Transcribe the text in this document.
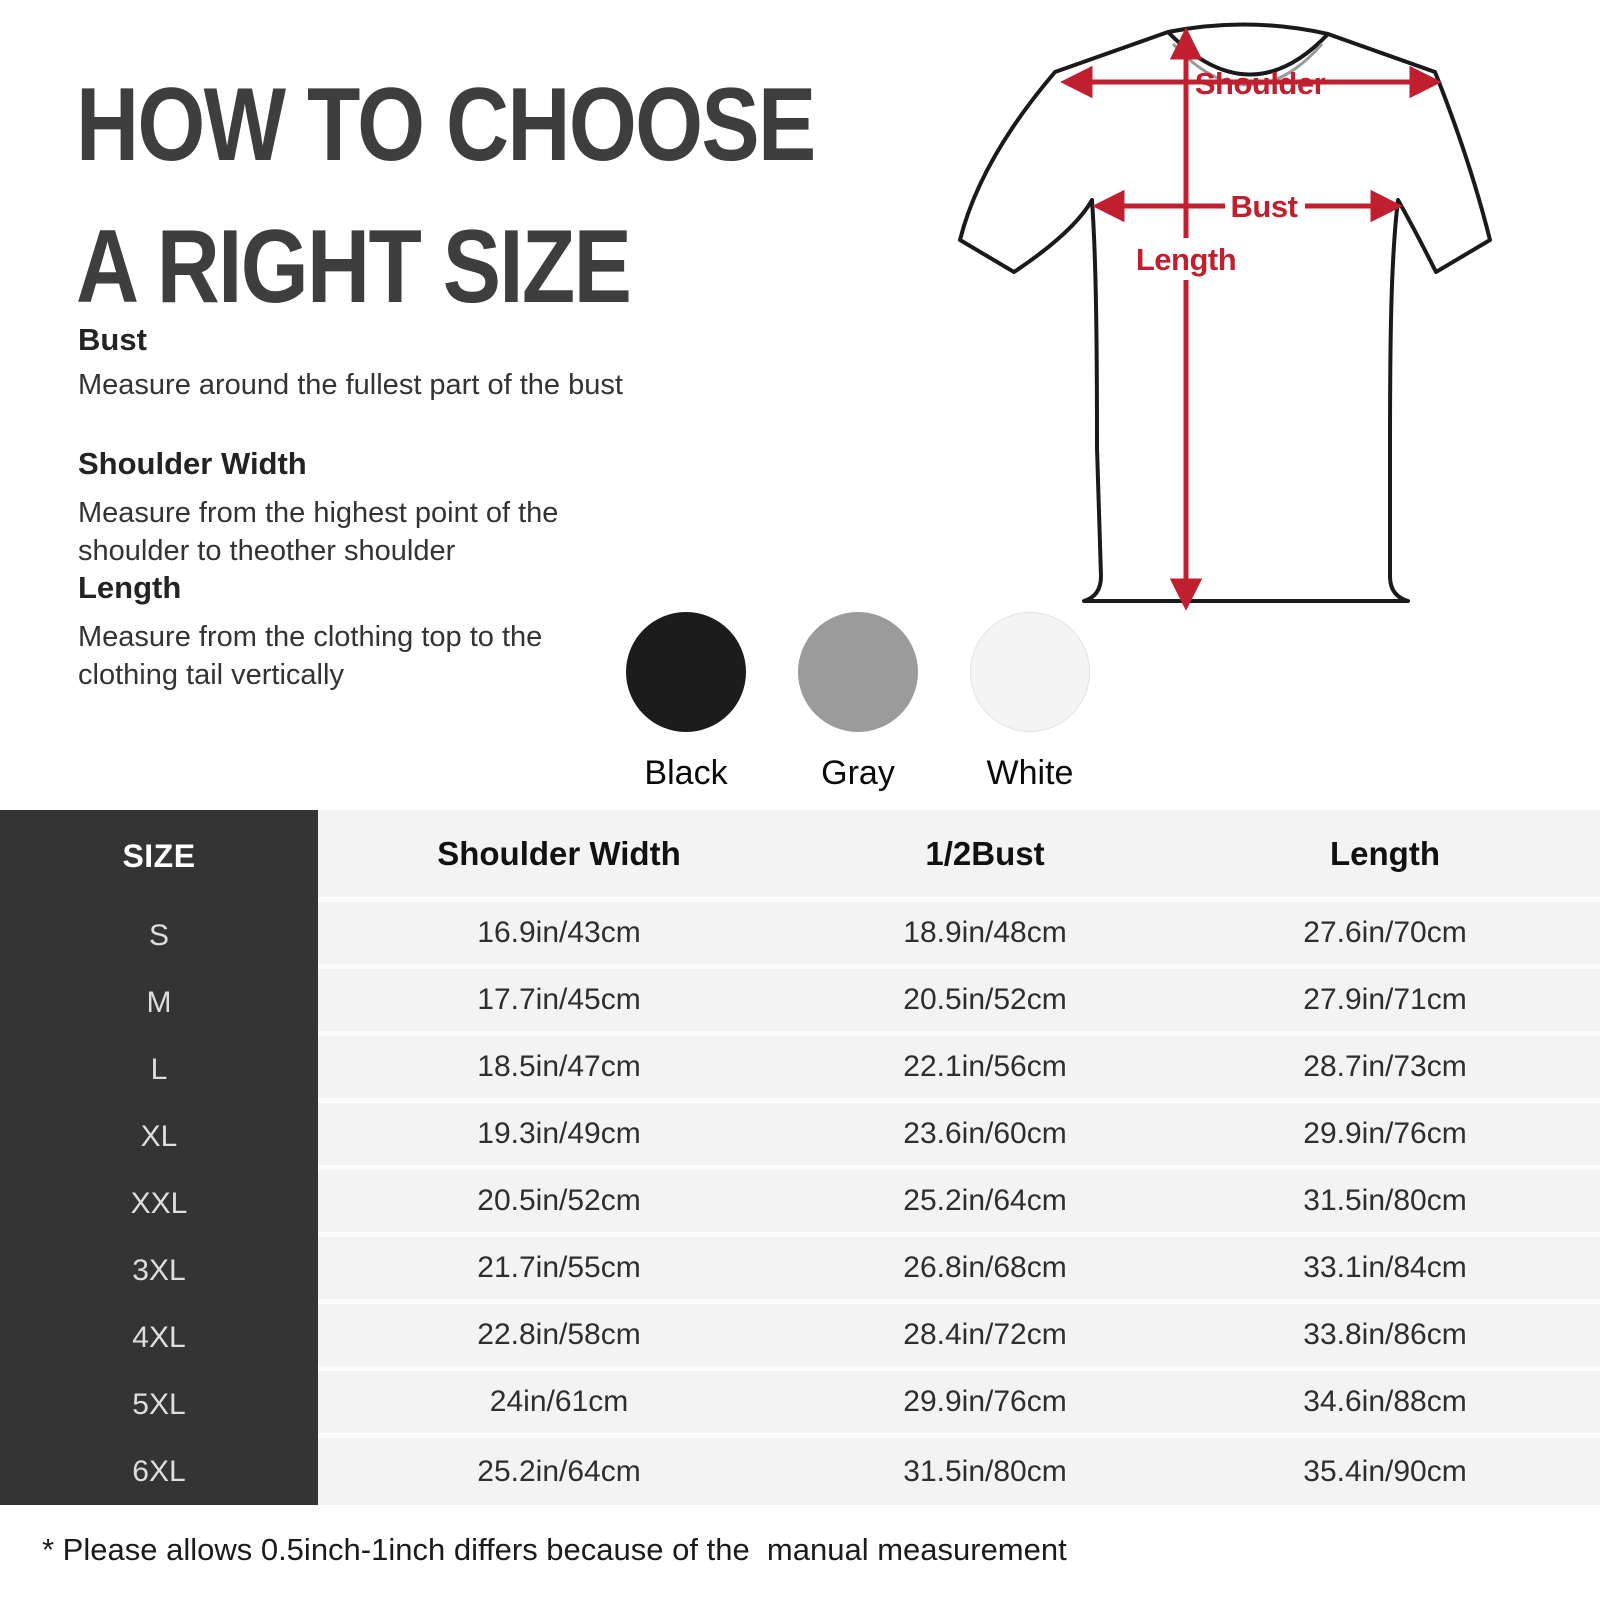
HOW TO CHOOSE
A RIGHT SIZE
Bust
Measure around the fullest part of the bust
Shoulder Width
Measure from the highest point of the shoulder to theother shoulder
Length
Measure from the clothing top to the clothing tail vertically
Black	Gray	White
Shoulder
Bust
Length
SIZE	Shoulder Width	1/2Bust	Length
S	16.9in/43cm	18.9in/48cm	27.6in/70cm
M	17.7in/45cm	20.5in/52cm	27.9in/71cm
L	18.5in/47cm	22.1in/56cm	28.7in/73cm
XL	19.3in/49cm	23.6in/60cm	29.9in/76cm
XXL	20.5in/52cm	25.2in/64cm	31.5in/80cm
3XL	21.7in/55cm	26.8in/68cm	33.1in/84cm
4XL	22.8in/58cm	28.4in/72cm	33.8in/86cm
5XL	24in/61cm	29.9in/76cm	34.6in/88cm
6XL	25.2in/64cm	31.5in/80cm	35.4in/90cm
* Please allows 0.5inch-1inch differs because of the  manual measurement
